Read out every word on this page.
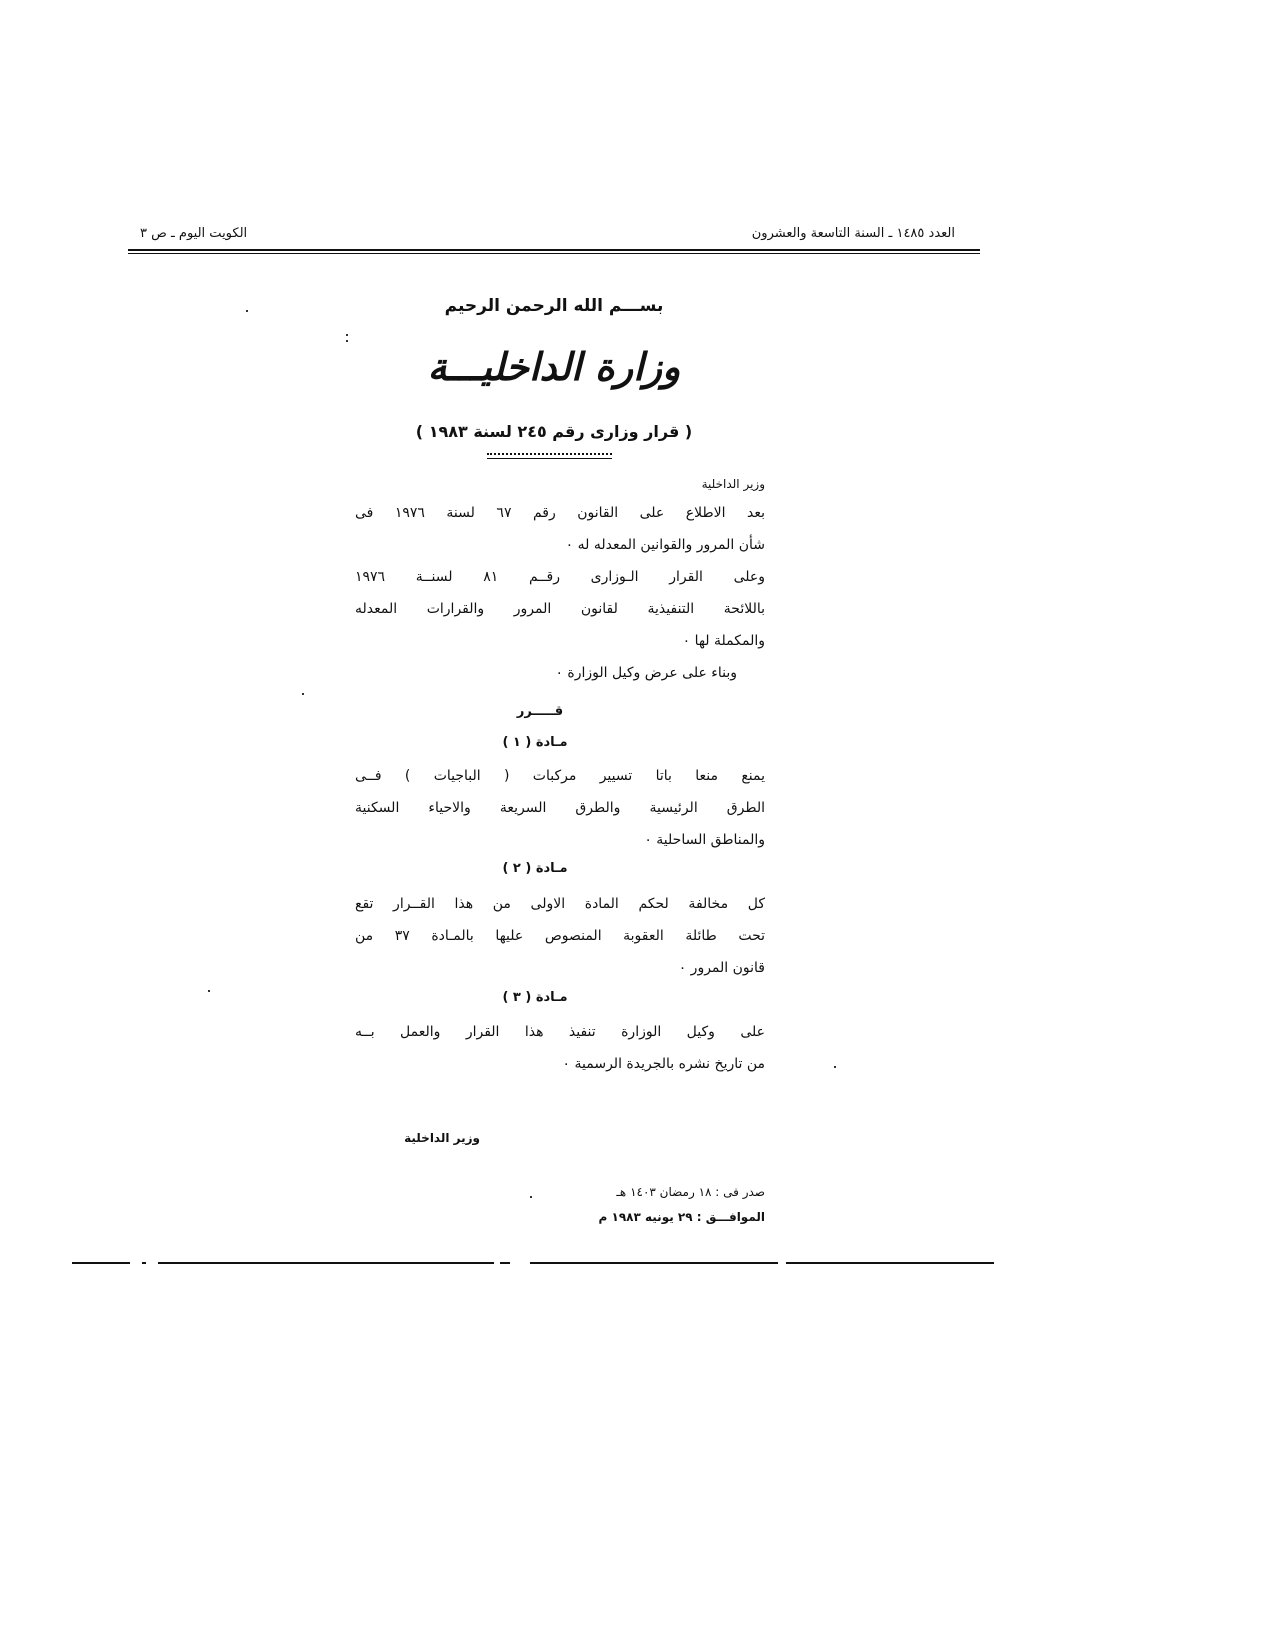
العدد ١٤٨٥ ـ السنة التاسعة والعشرون
الكويت اليوم ـ ص ٣
بســـم الله الرحمن الرحيم
وزارة الداخليـــة
( قرار وزارى رقم ٢٤٥ لسنة ١٩٨٣ )
وزير الداخلية
بعد الاطلاع على القانون رقم ٦٧ لسنة ١٩٧٦ فى
شأن المرور والقوانين المعدله له ٠
وعلى القرار الـوزارى رقــم ٨١ لسنــة ١٩٧٦
باللائحة التنفيذية لقانون المرور والقرارات المعدله
والمكملة لها ٠
وبناء على عرض وكيل الوزارة ٠
قـــــرر
مـادة ( ١ )
يمنع منعا باتا تسيير مركبات ( الباجيات ) فــى
الطرق الرئيسية والطرق السريعة والاحياء السكنية
والمناطق الساحلية ٠
مـادة ( ٢ )
كل مخالفة لحكم المادة الاولى من هذا القــرار تقع
تحت طائلة العقوبة المنصوص عليها بالمـادة ٣٧ من
قانون المرور ٠
مـادة ( ٣ )
على وكيل الوزارة تنفيذ هذا القرار والعمل بــه
من تاريخ نشره بالجريدة الرسمية ٠
وزير الداخلية
صدر فى : ١٨ رمضان ١٤٠٣ هـ
الموافـــق : ٢٩ يونيه ١٩٨٣ م
